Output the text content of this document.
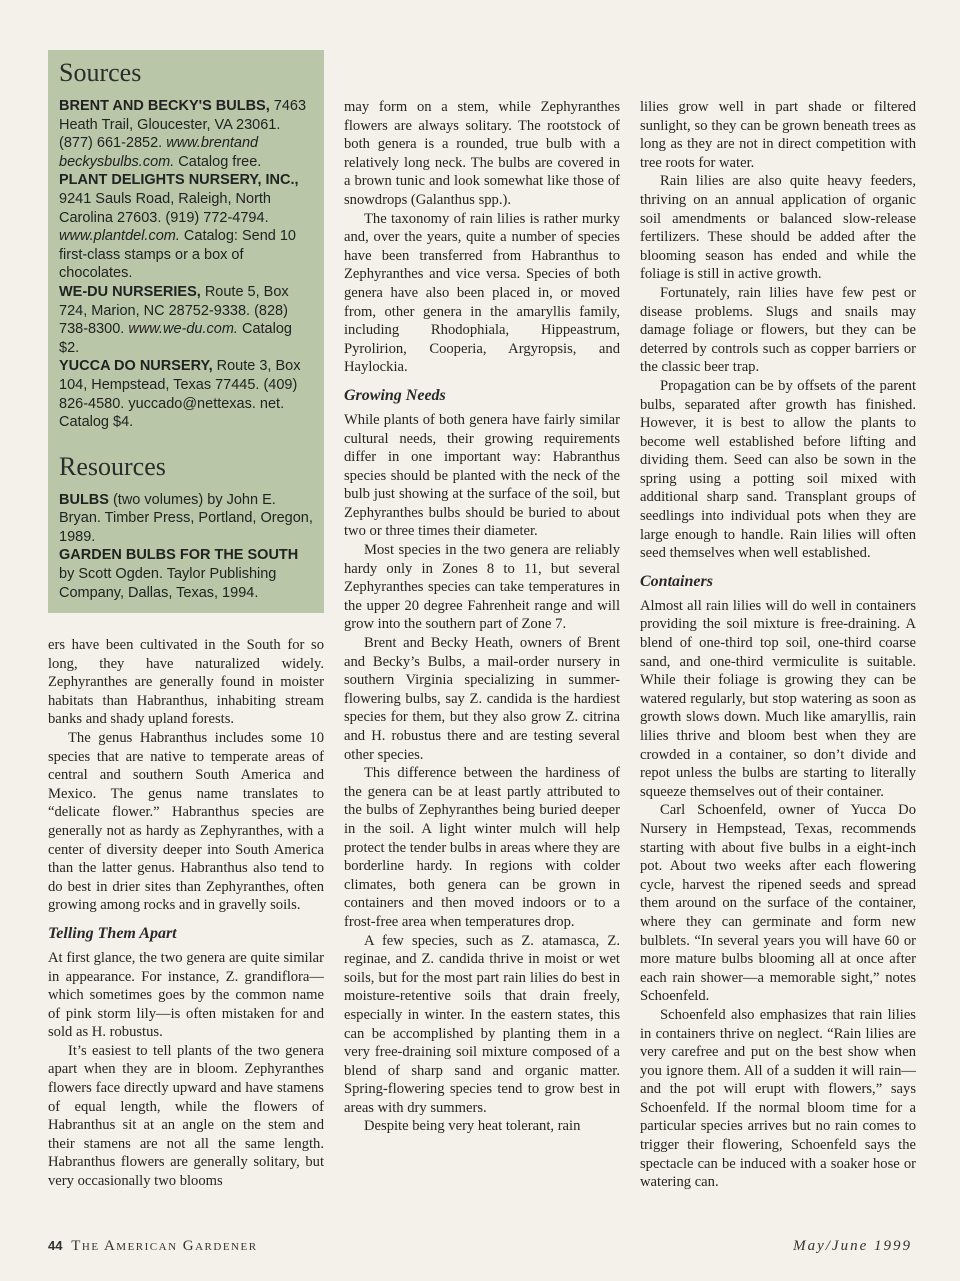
Sources

BRENT AND BECKY'S BULBS, 7463 Heath Trail, Gloucester, VA 23061. (877) 661-2852. www.brentand beckysbulbs.com. Catalog free.

PLANT DELIGHTS NURSERY, INC., 9241 Sauls Road, Raleigh, North Carolina 27603. (919) 772-4794. www.plantdel.com. Catalog: Send 10 first-class stamps or a box of chocolates.

WE-DU NURSERIES, Route 5, Box 724, Marion, NC 28752-9338. (828) 738-8300. www.we-du.com. Catalog $2.

YUCCA DO NURSERY, Route 3, Box 104, Hempstead, Texas 77445. (409) 826-4580. yuccado@nettexas. net. Catalog $4.

Resources

BULBS (two volumes) by John E. Bryan. Timber Press, Portland, Oregon, 1989.

GARDEN BULBS FOR THE SOUTH by Scott Ogden. Taylor Publishing Company, Dallas, Texas, 1994.

ers have been cultivated in the South for so long, they have naturalized widely. Zephyranthes are generally found in moister habitats than Habranthus, inhabiting stream banks and shady upland forests.

The genus Habranthus includes some 10 species that are native to temperate areas of central and southern South America and Mexico. The genus name translates to “delicate flower.” Habranthus species are generally not as hardy as Zephyranthes, with a center of diversity deeper into South America than the latter genus. Habranthus also tend to do best in drier sites than Zephyranthes, often growing among rocks and in gravelly soils.

Telling Them Apart

At first glance, the two genera are quite similar in appearance. For instance, Z. grandiflora—which sometimes goes by the common name of pink storm lily—is often mistaken for and sold as H. robustus.

It’s easiest to tell plants of the two genera apart when they are in bloom. Zephyranthes flowers face directly upward and have stamens of equal length, while the flowers of Habranthus sit at an angle on the stem and their stamens are not all the same length. Habranthus flowers are generally solitary, but very occasionally two blooms

may form on a stem, while Zephyranthes flowers are always solitary. The rootstock of both genera is a rounded, true bulb with a relatively long neck. The bulbs are covered in a brown tunic and look somewhat like those of snowdrops (Galanthus spp.).

The taxonomy of rain lilies is rather murky and, over the years, quite a number of species have been transferred from Habranthus to Zephyranthes and vice versa. Species of both genera have also been placed in, or moved from, other genera in the amaryllis family, including Rhodophiala, Hippeastrum, Pyrolirion, Cooperia, Argyropsis, and Haylockia.

Growing Needs

While plants of both genera have fairly similar cultural needs, their growing requirements differ in one important way: Habranthus species should be planted with the neck of the bulb just showing at the surface of the soil, but Zephyranthes bulbs should be buried to about two or three times their diameter.

Most species in the two genera are reliably hardy only in Zones 8 to 11, but several Zephyranthes species can take temperatures in the upper 20 degree Fahrenheit range and will grow into the southern part of Zone 7.

Brent and Becky Heath, owners of Brent and Becky’s Bulbs, a mail-order nursery in southern Virginia specializing in summer-flowering bulbs, say Z. candida is the hardiest species for them, but they also grow Z. citrina and H. robustus there and are testing several other species.

This difference between the hardiness of the genera can be at least partly attributed to the bulbs of Zephyranthes being buried deeper in the soil. A light winter mulch will help protect the tender bulbs in areas where they are borderline hardy. In regions with colder climates, both genera can be grown in containers and then moved indoors or to a frost-free area when temperatures drop.

A few species, such as Z. atamasca, Z. reginae, and Z. candida thrive in moist or wet soils, but for the most part rain lilies do best in moisture-retentive soils that drain freely, especially in winter. In the eastern states, this can be accomplished by planting them in a very free-draining soil mixture composed of a blend of sharp sand and organic matter. Spring-flowering species tend to grow best in areas with dry summers.

Despite being very heat tolerant, rain

lilies grow well in part shade or filtered sunlight, so they can be grown beneath trees as long as they are not in direct competition with tree roots for water.

Rain lilies are also quite heavy feeders, thriving on an annual application of organic soil amendments or balanced slow-release fertilizers. These should be added after the blooming season has ended and while the foliage is still in active growth.

Fortunately, rain lilies have few pest or disease problems. Slugs and snails may damage foliage or flowers, but they can be deterred by controls such as copper barriers or the classic beer trap.

Propagation can be by offsets of the parent bulbs, separated after growth has finished. However, it is best to allow the plants to become well established before lifting and dividing them. Seed can also be sown in the spring using a potting soil mixed with additional sharp sand. Transplant groups of seedlings into individual pots when they are large enough to handle. Rain lilies will often seed themselves when well established.

Containers

Almost all rain lilies will do well in containers providing the soil mixture is free-draining. A blend of one-third top soil, one-third coarse sand, and one-third vermiculite is suitable. While their foliage is growing they can be watered regularly, but stop watering as soon as growth slows down. Much like amaryllis, rain lilies thrive and bloom best when they are crowded in a container, so don’t divide and repot unless the bulbs are starting to literally squeeze themselves out of their container.

Carl Schoenfeld, owner of Yucca Do Nursery in Hempstead, Texas, recommends starting with about five bulbs in a eight-inch pot. About two weeks after each flowering cycle, harvest the ripened seeds and spread them around on the surface of the container, where they can germinate and form new bulblets. “In several years you will have 60 or more mature bulbs blooming all at once after each rain shower—a memorable sight,” notes Schoenfeld.

Schoenfeld also emphasizes that rain lilies in containers thrive on neglect. “Rain lilies are very carefree and put on the best show when you ignore them. All of a sudden it will rain—and the pot will erupt with flowers,” says Schoenfeld. If the normal bloom time for a particular species arrives but no rain comes to trigger their flowering, Schoenfeld says the spectacle can be induced with a soaker hose or watering can.

44 The American Gardener	May/June 1999
